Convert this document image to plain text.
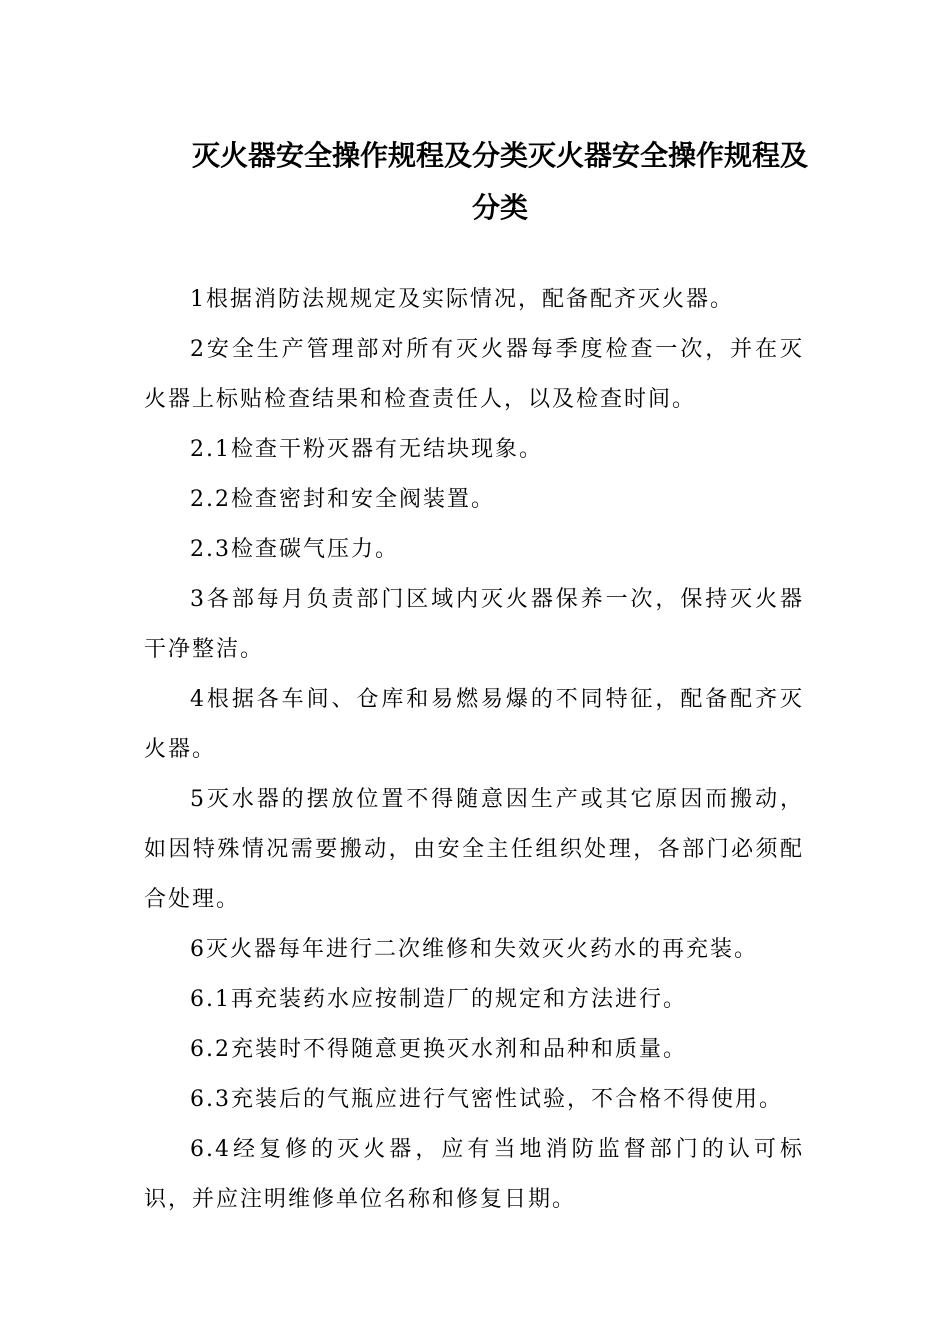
灭火器安全操作规程及分类灭火器安全操作规程及分类

1根据消防法规规定及实际情况，配备配齐灭火器。

2安全生产管理部对所有灭火器每季度检查一次，并在灭火器上标贴检查结果和检查责任人，以及检查时间。

2.1检查干粉灭器有无结块现象。

2.2检查密封和安全阀装置。

2.3检查碳气压力。

3各部每月负责部门区域内灭火器保养一次，保持灭火器干净整洁。

4根据各车间、仓库和易燃易爆的不同特征，配备配齐灭火器。

5灭水器的摆放位置不得随意因生产或其它原因而搬动，如因特殊情况需要搬动，由安全主任组织处理，各部门必须配合处理。

6灭火器每年进行二次维修和失效灭火药水的再充装。

6.1再充装药水应按制造厂的规定和方法进行。

6.2充装时不得随意更换灭水剂和品种和质量。

6.3充装后的气瓶应进行气密性试验，不合格不得使用。

6.4经复修的灭火器，应有当地消防监督部门的认可标识，并应注明维修单位名称和修复日期。
